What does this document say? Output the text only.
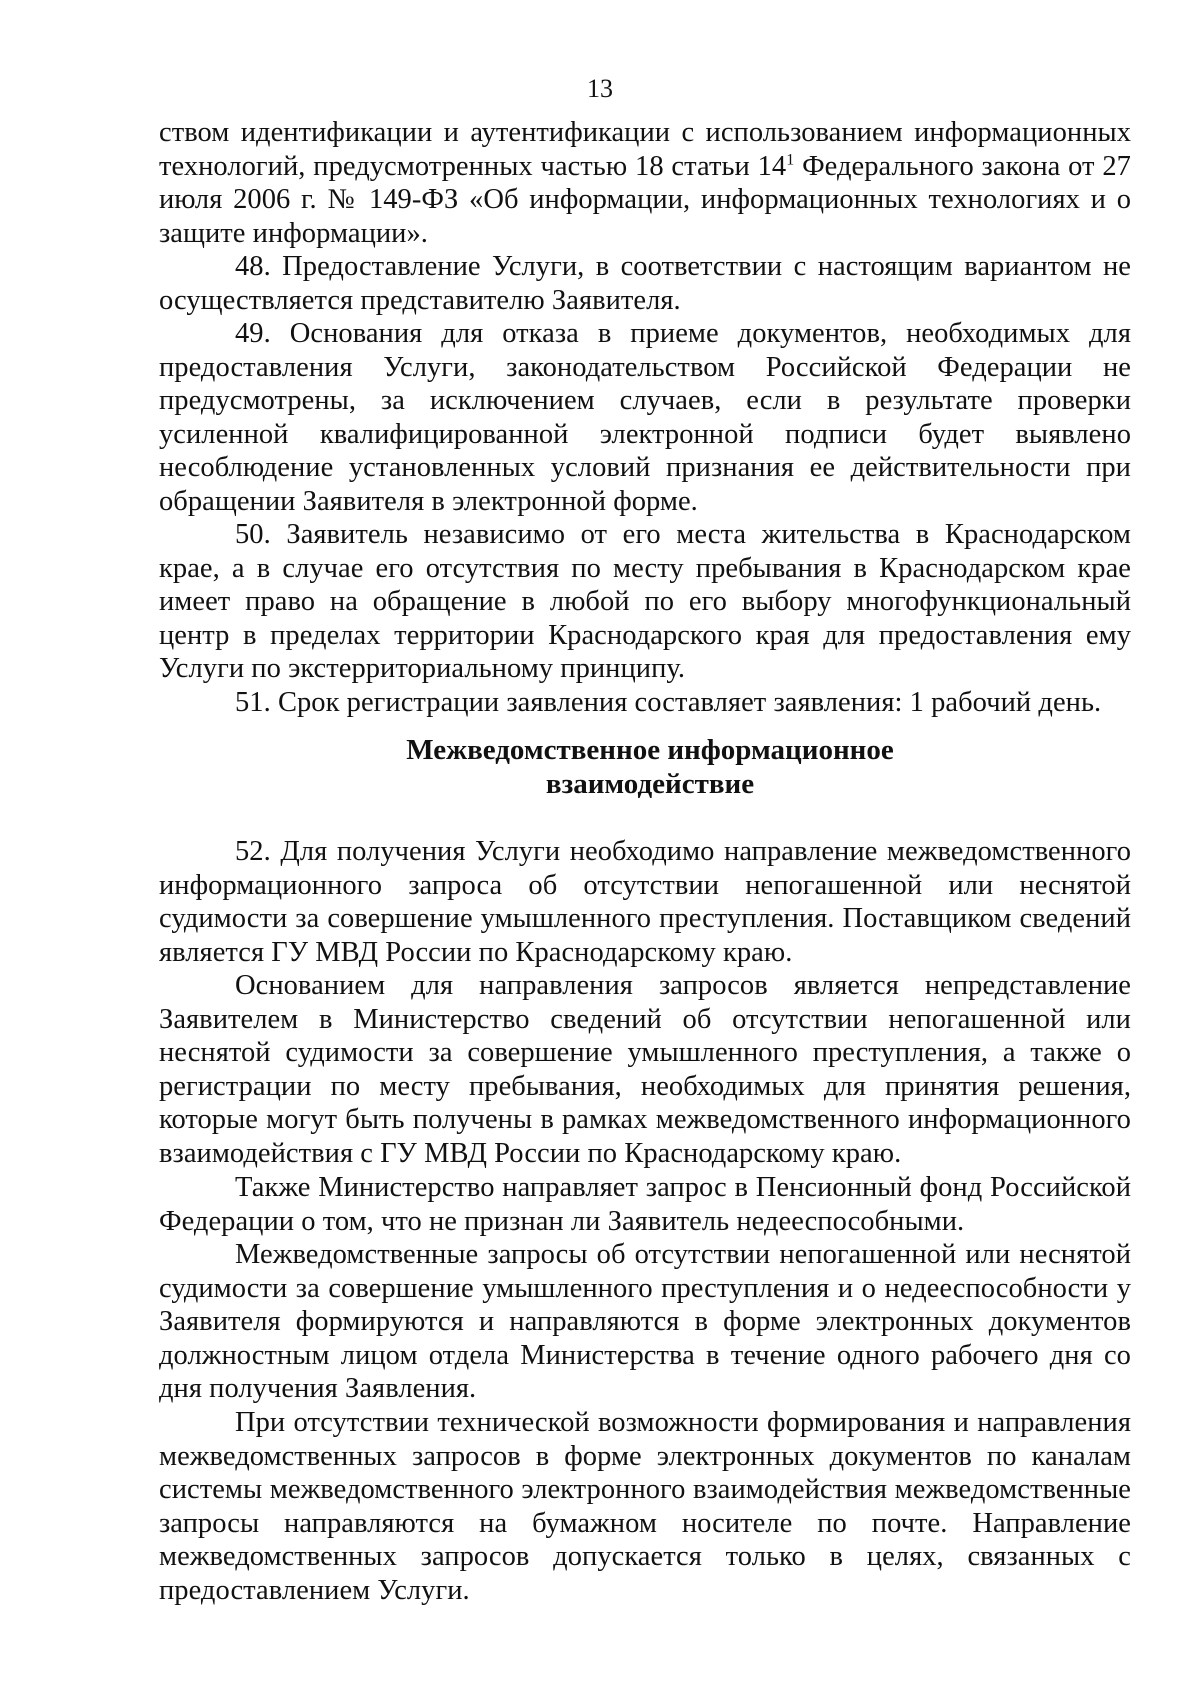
13

ством идентификации и аутентификации с использованием информационных технологий, предусмотренных частью 18 статьи $14^1$ Федерального закона от 27 июля 2006 г. № 149-ФЗ «Об информации, информационных технологиях и о защите информации».

48. Предоставление Услуги, в соответствии с настоящим вариантом не осуществляется представителю Заявителя.

49. Основания для отказа в приеме документов, необходимых для предоставления Услуги, законодательством Российской Федерации не предусмотрены, за исключением случаев, если в результате проверки усиленной квалифицированной электронной подписи будет выявлено несоблюдение установленных условий признания ее действительности при обращении Заявителя в электронной форме.

50. Заявитель независимо от его места жительства в Краснодарском крае, а в случае его отсутствия по месту пребывания в Краснодарском крае имеет право на обращение в любой по его выбору многофункциональный центр в пределах территории Краснодарского края для предоставления ему Услуги по экстерриториальному принципу.

51. Срок регистрации заявления составляет заявления: 1 рабочий день.

Межведомственное информационное
взаимодействие

52. Для получения Услуги необходимо направление межведомственного информационного запроса об отсутствии непогашенной или неснятой судимости за совершение умышленного преступления. Поставщиком сведений является ГУ МВД России по Краснодарскому краю.

Основанием для направления запросов является непредставление Заявителем в Министерство сведений об отсутствии непогашенной или неснятой судимости за совершение умышленного преступления, а также о регистрации по месту пребывания, необходимых для принятия решения, которые могут быть получены в рамках межведомственного информационного взаимодействия с ГУ МВД России по Краснодарскому краю.

Также Министерство направляет запрос в Пенсионный фонд Российской Федерации о том, что не признан ли Заявитель недееспособными.

Межведомственные запросы об отсутствии непогашенной или неснятой судимости за совершение умышленного преступления и о недееспособности у Заявителя формируются и направляются в форме электронных документов должностным лицом отдела Министерства в течение одного рабочего дня со дня получения Заявления.

При отсутствии технической возможности формирования и направления межведомственных запросов в форме электронных документов по каналам системы межведомственного электронного взаимодействия межведомственные запросы направляются на бумажном носителе по почте. Направление межведомственных запросов допускается только в целях, связанных с предоставлением Услуги.
